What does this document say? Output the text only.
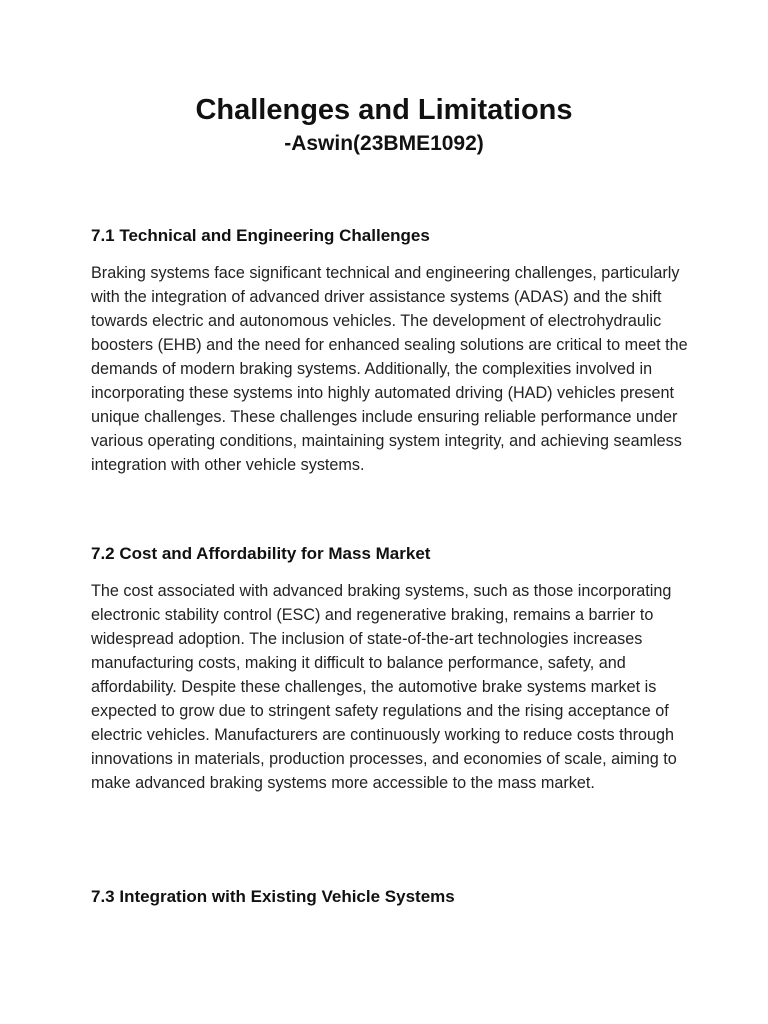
Challenges and Limitations
-Aswin(23BME1092)
7.1 Technical and Engineering Challenges

Braking systems face significant technical and engineering challenges, particularly with the integration of advanced driver assistance systems (ADAS) and the shift towards electric and autonomous vehicles. The development of electrohydraulic boosters (EHB) and the need for enhanced sealing solutions are critical to meet the demands of modern braking systems. Additionally, the complexities involved in incorporating these systems into highly automated driving (HAD) vehicles present unique challenges. These challenges include ensuring reliable performance under various operating conditions, maintaining system integrity, and achieving seamless integration with other vehicle systems.

7.2 Cost and Affordability for Mass Market

The cost associated with advanced braking systems, such as those incorporating electronic stability control (ESC) and regenerative braking, remains a barrier to widespread adoption. The inclusion of state-of-the-art technologies increases manufacturing costs, making it difficult to balance performance, safety, and affordability. Despite these challenges, the automotive brake systems market is expected to grow due to stringent safety regulations and the rising acceptance of electric vehicles. Manufacturers are continuously working to reduce costs through innovations in materials, production processes, and economies of scale, aiming to make advanced braking systems more accessible to the mass market.

7.3 Integration with Existing Vehicle Systems
